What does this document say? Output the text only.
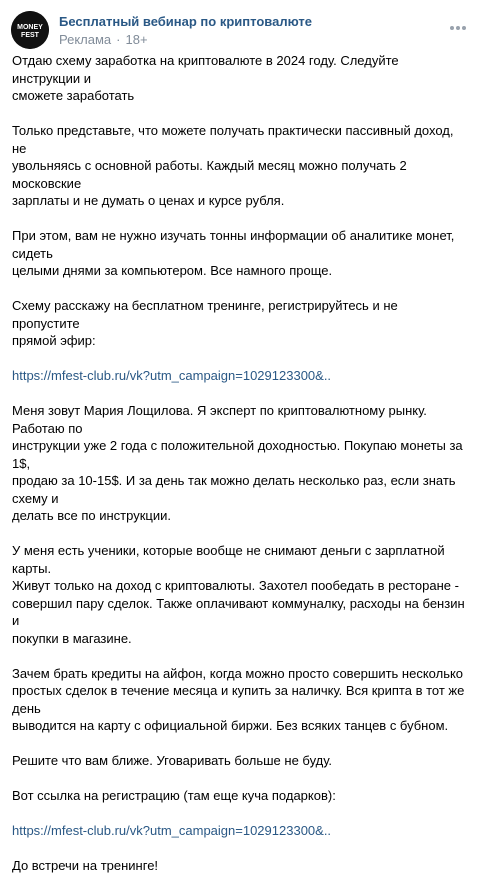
MONEY
FEST
Бесплатный вебинар по криптовалюте
Реклама · 18+
Отдаю схему заработка на криптовалюте в 2024 году. Следуйте инструкции и
сможете заработать
Только представьте, что можете получать практически пассивный доход, не
увольняясь с основной работы. Каждый месяц можно получать 2 московские
зарплаты и не думать о ценах и курсе рубля.
При этом, вам не нужно изучать тонны информации об аналитике монет, сидеть
целыми днями за компьютером. Все намного проще.
Схему расскажу на бесплатном тренинге, регистрируйтесь и не пропустите
прямой эфир:
https://mfest-club.ru/vk?utm_campaign=1029123300&..
Меня зовут Мария Лощилова. Я эксперт по криптовалютному рынку. Работаю по
инструкции уже 2 года с положительной доходностью. Покупаю монеты за 1$,
продаю за 10-15$. И за день так можно делать несколько раз, если знать схему и
делать все по инструкции.
У меня есть ученики, которые вообще не снимают деньги с зарплатной карты.
Живут только на доход с криптовалюты. Захотел пообедать в ресторане -
совершил пару сделок. Также оплачивают коммуналку, расходы на бензин и
покупки в магазине.
Зачем брать кредиты на айфон, когда можно просто совершить несколько
простых сделок в течение месяца и купить за наличку. Вся крипта в тот же день
выводится на карту с официальной биржи. Без всяких танцев с бубном.
Решите что вам ближе. Уговаривать больше не буду.
Вот ссылка на регистрацию (там еще куча подарков):
https://mfest-club.ru/vk?utm_campaign=1029123300&..
До встречи на тренинге!
